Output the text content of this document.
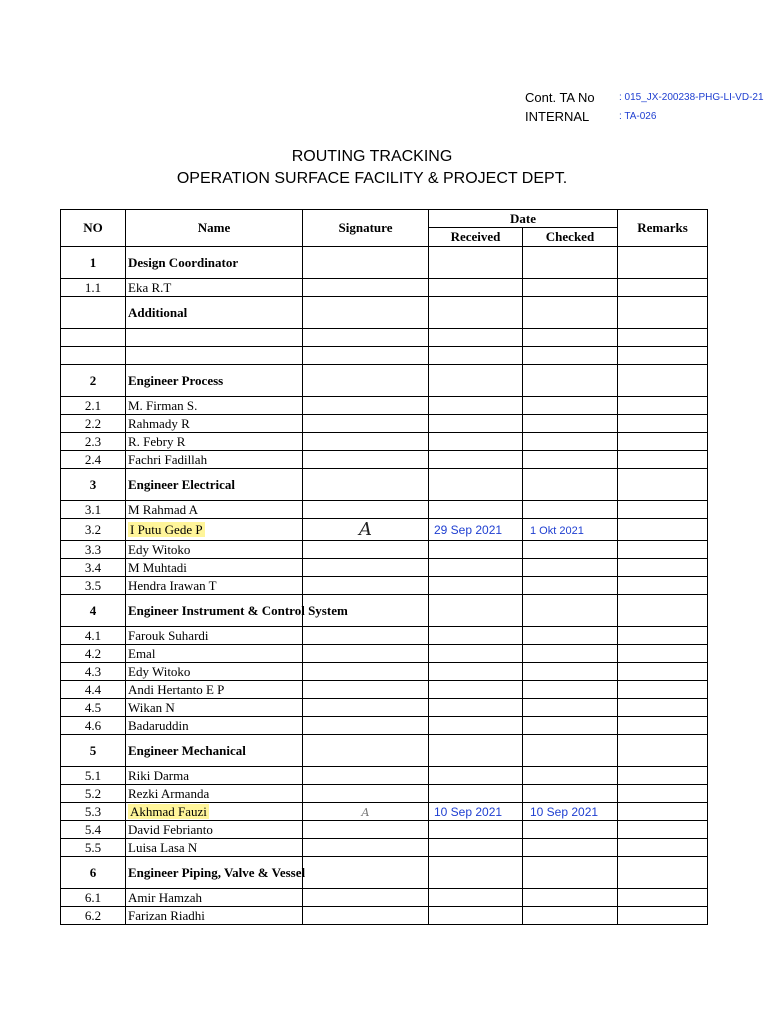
Cont. TA No : 015_JX-200238-PHG-LI-VD-21
INTERNAL	: TA-026
ROUTING TRACKING
OPERATION SURFACE FACILITY & PROJECT DEPT.
NO	Name	Signature	Date		Remarks
			Received	Checked	
1	Design Coordinator				
1.1	Eka R.T				
	Additional				

2	Engineer Process				
2.1	M. Firman S.				
2.2	Rahmady R				
2.3	R. Febry R				
2.4	Fachri Fadillah				
3	Engineer Electrical				
3.1	M Rahmad A				
3.2	I Putu Gede P	A	29 Sep 2021	1 Okt 2021	
3.3	Edy Witoko				
3.4	M Muhtadi				
3.5	Hendra Irawan T				
4	Engineer Instrument & Control System				
4.1	Farouk Suhardi				
4.2	Emal				
4.3	Edy Witoko				
4.4	Andi Hertanto E P				
4.5	Wikan N				
4.6	Badaruddin				
5	Engineer Mechanical				
5.1	Riki Darma				
5.2	Rezki Armanda				
5.3	Akhmad Fauzi	A	10 Sep 2021	10 Sep 2021	
5.4	David Febrianto				
5.5	Luisa Lasa N				
6	Engineer Piping, Valve & Vessel				
6.1	Amir Hamzah				
6.2	Farizan Riadhi				
